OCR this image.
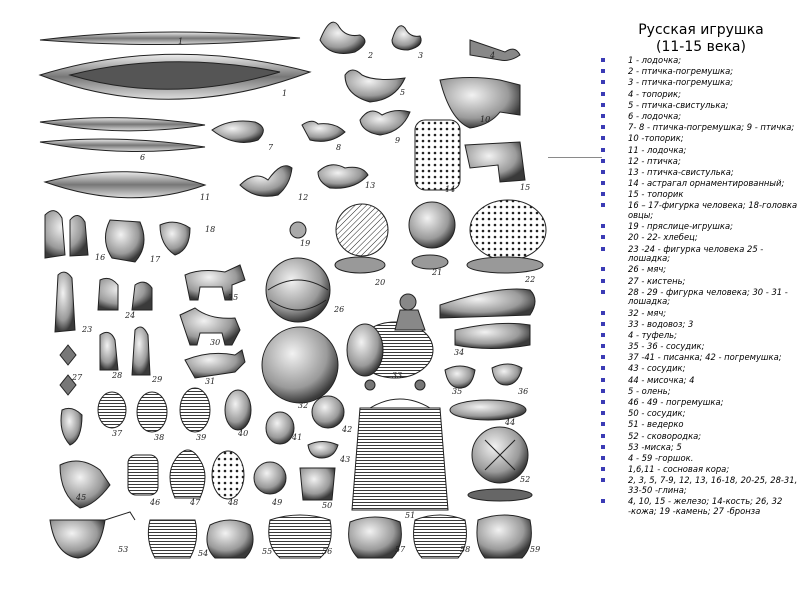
1
1
2	3	4
5
6
7	8
9
10
11	12
13	14	15
16	17
18
19
20
21
22
23
24
25
26
27	28	29
30
31
32
33
34
35	36
37	38	39	40	41
42
43
44
45
46	47	48	49	50
51
52
53	54	55	56	57	58	59
Русская игрушка
(11-15 века)
1 - лодочка;
2 - птичка-погремушка;
3 - птичка-погремушка;
4 - топорик;
5 - птичка-свистулька;
6 - лодочка;
7- 8 - птичка-погремушка; 9 - птичка;
10 -топорик;
11 - лодочка;
12 - птичка;
13 - птичка-свистулька;
14 - астрагал орнаментированный;
15 - топорик
16 – 17-фигурка человека; 18-головка овцы;
19 - пряслице-игрушка;
20 - 22- хлебец;
23 -24 - фигурка человека 25 - лошадка;
26 - мяч;
27 - кистень;
28 - 29 - фигурка человека; 30 - 31 - лошадка;
32 - мяч;
33 - водовоз; 3
4 - туфель;
35 - 36 - сосудик;
37 -41 - писанка; 42 - погремушка;
43 - сосудик;
44 - мисочка; 4
5 - олень;
46 - 49 - погремушка;
50 - сосудик;
51 - ведерко
52 - сковородка;
53 -миска; 5
4 - 59 -горшок.
1,6,11 - сосновая кора;
2, 3, 5, 7-9, 12, 13, 16-18, 20-25, 28-31, 33-50 -глина;
4, 10, 15 - железо; 14-кость; 26, 32 -кожа; 19 -камень; 27 -бронза
